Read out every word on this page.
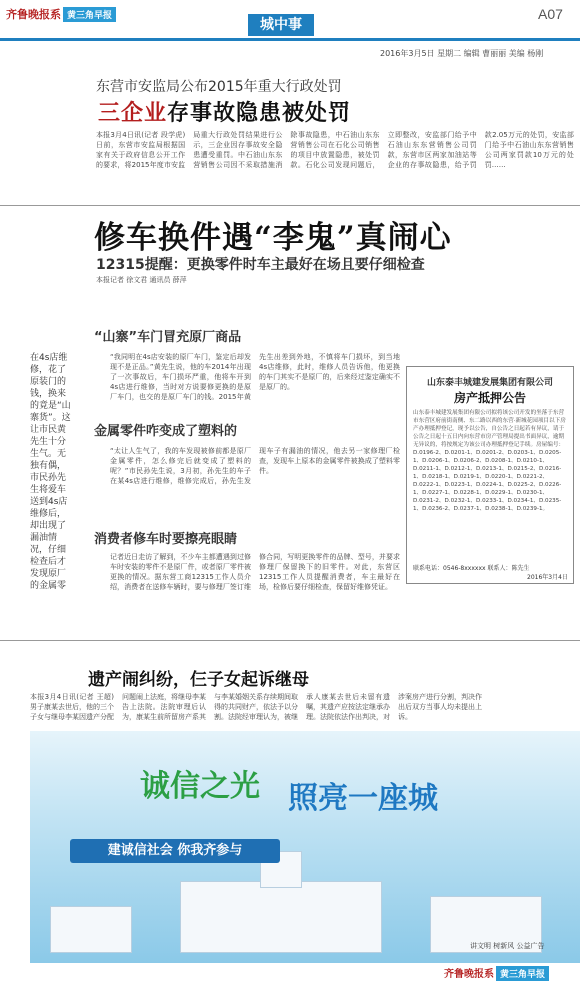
齐鲁晚报系 黄三角早报
城中事
A07
2016年3月5日 星期二 编辑 曹丽丽 美编 杨刚
东营市安监局公布2015年重大行政处罚
三企业存事故隐患被处罚
本报3月4日讯(记者 段学虎) 日前，东营市安监局根据国家有关于政府信息公开工作的要求，将2015年度市安监局重大行政处罚结果进行公示，三企业因存事故安全隐患遭受重罚。中石油山东东营销售公司因不采取措施消除事故隐患，中石油山东东营销售公司在石化公司销售的项目中放置隐患，被处罚款。石化公司发现问题后，立即整改，安监部门给予中石油山东东营销售公司罚款，东营市区两家加油站等企业的存事故隐患，给予罚款2.05万元的处罚，安监部门给予中石油山东东营销售公司两家罚款10万元的处罚……
修车换件遇“李鬼”真闹心
12315提醒：更换零件时车主最好在场且要仔细检查
本报记者 徐文君 通讯员 薛萍
“山寨”车门冒充原厂商品
在4s店维修，花了原装门的钱，换来的竟是“山寨货”。这让市民黄先生十分生气。无独有偶，市民孙先生将爱车送到4s店维修后，却出现了漏油情况，仔细检查后才发现原厂的金属零
“我同明在4s店安装的原厂车门，鉴定后却发现不是正品。”黄先生说，他的车2014年出现了一次事故后，车门损坏严重，他将车开到4s店进行维修，当时对方说要修更换的是原厂车门，也交的是原厂车门的钱。2015年黄先生出差到外地，不慎将车门损坏，到当地4s店维修，此时，维修人员告诉他，他更换的车门其实不是原厂的，后来经过鉴定确实不是原厂的。
金属零件咋变成了塑料的
“太让人生气了，我的车发现被修前都是原厂金属零件，怎么修完后就变成了塑料的呢？”市民孙先生说，3月初，孙先生的车子在某4s店进行维修，维修完成后，孙先生发现车子有漏油的情况，他去另一家修理厂检查，发现车上原本的金属零件被换成了塑料零件。
消费者修车时要擦亮眼睛
记者近日走访了解到，不少车主都遭遇到过修车时安装的零件不是原厂件，或者原厂零件被更换的情况。据东营工商12315工作人员介绍，消费者在送修车辆时，要与修理厂签订维修合同，写明更换零件的品牌、型号，并要求修理厂保留换下的旧零件。对此，东营区12315工作人员提醒消费者，车主最好在场，检修后要仔细检查，保留好维修凭证。
山东泰丰城建发展集团有限公司
房产抵押公告
山东泰丰城建发展集团有限公司拟将该公司开发的坐落于东营市东营区府前街南侧、东二路以西的东营·新城花园项目以下房产办理抵押登记，现予以公告，自公告之日起若有异议，请于公告之日起十五日内向东营市房产管理局提出书面异议，逾期无异议的，将按规定为该公司办理抵押登记手续。房屋编号：D.0196-2、D.0201-1、D.0201-2、D.0203-1、D.0205-1、D.0206-1、D.0206-2、D.0208-1、D.0210-1、D.0211-1、D.0212-1、D.0213-1、D.0215-2、D.0216-1、D.0218-1、D.0219-1、D.0220-1、D.0221-2、D.0222-1、D.0223-1、D.0224-1、D.0225-2、D.0226-1、D.0227-1、D.0228-1、D.0229-1、D.0230-1、D.0231-2、D.0232-1、D.0233-1、D.0234-1、D.0235-1、D.0236-2、D.0237-1、D.0238-1、D.0239-1。
联系电话：0546-8xxxxxx 联系人：陈先生
2016年3月4日
遗产闹纠纷，仨子女起诉继母
本报3月4日讯(记者 王超) 男子康某去世后，他的三个子女与继母李某因遗产分配问题闹上法庭，将继母李某告上法院。法院审理后认为，康某生前所留房产系其与李某婚姻关系存续期间取得的共同财产，依法予以分割。法院经审理认为，被继承人康某去世后未留有遗嘱，其遗产应按法定继承办理。法院依法作出判决，对涉案房产进行分割，判决作出后双方当事人均未提出上诉。
诚信之光 照亮一座城
建诚信社会 你我齐参与
讲文明 树新风 公益广告
齐鲁晚报系 黄三角早报
